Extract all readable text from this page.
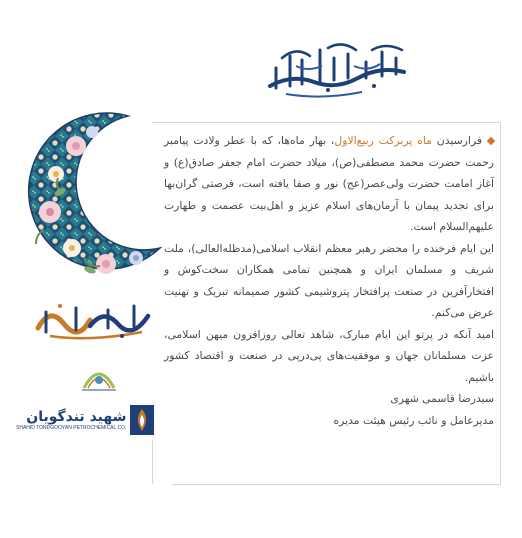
شهید تندگویان
SHAHID TONDGOOYAN PETROCHEMICAL CO.

فرارسیدن ماه پربرکت ربیع‌الاول، بهار ماه‌ها، که با عطر ولادت پیامبر رحمت حضرت محمد مصطفی(ص)، میلاد حضرت امام جعفر صادق(ع) و آغاز امامت حضرت ولی‌عصر(عج) نور و صفا یافته است، فرصتی گران‌بها برای تجدید پیمان با آرمان‌های اسلام عزیز و اهل‌بیت عصمت و طهارت علیهم‌السلام است.

این ایام فرخنده را محضر رهبر معظم انقلاب اسلامی(مدظله‌العالی)، ملت شریف و مسلمان ایران و همچنین تمامی همکاران سخت‌کوش و افتخارآفرین در صنعت پرافتخار پتروشیمی کشور صمیمانه تبریک و تهنیت عرض می‌کنم.

امید آنکه در پرتو این ایام مبارک، شاهد تعالی روزافزون میهن اسلامی، عزت مسلمانان جهان و موفقیت‌های پی‌درپی در صنعت و اقتصاد کشور باشیم.

سیدرضا قاسمی شهری

مدیرعامل و نائب رئیس هیئت مدیره
